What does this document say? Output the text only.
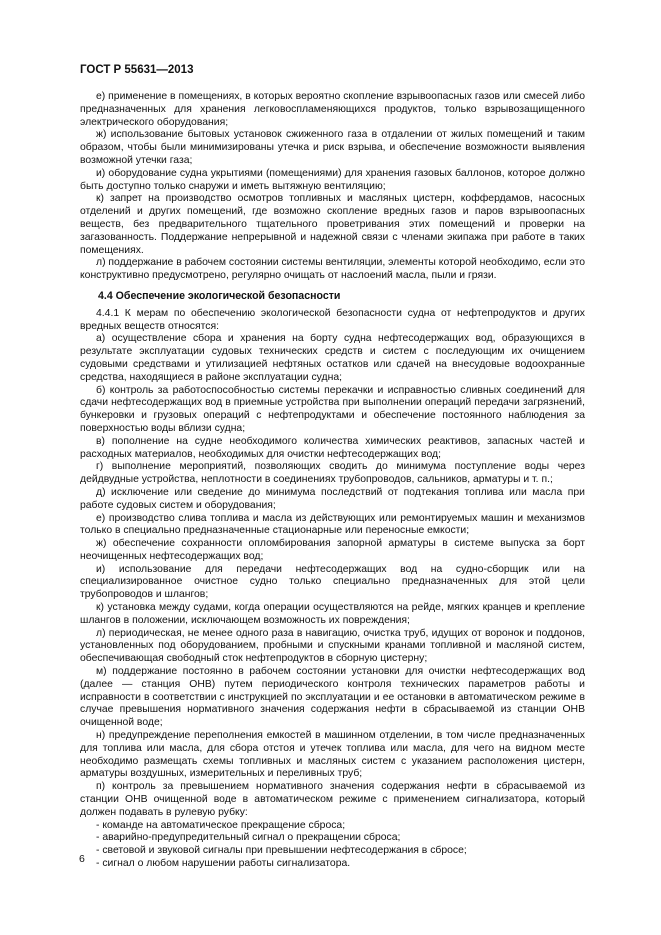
ГОСТ Р 55631—2013

е) применение в помещениях, в которых вероятно скопление взрывоопасных газов или смесей либо предназначенных для хранения легковоспламеняющихся продуктов, только взрывозащищенного электрического оборудования;

ж) использование бытовых установок сжиженного газа в отдалении от жилых помещений и таким образом, чтобы были минимизированы утечка и риск взрыва, и обеспечение возможности выявления возможной утечки газа;

и) оборудование судна укрытиями (помещениями) для хранения газовых баллонов, которое должно быть доступно только снаружи и иметь вытяжную вентиляцию;

к) запрет на производство осмотров топливных и масляных цистерн, коффердамов, насосных отделений и других помещений, где возможно скопление вредных газов и паров взрывоопасных веществ, без предварительного тщательного проветривания этих помещений и проверки на загазованность. Поддержание непрерывной и надежной связи с членами экипажа при работе в таких помещениях.

л) поддержание в рабочем состоянии системы вентиляции, элементы которой необходимо, если это конструктивно предусмотрено, регулярно очищать от наслоений масла, пыли и грязи.

4.4 Обеспечение экологической безопасности

4.4.1 К мерам по обеспечению экологической безопасности судна от нефтепродуктов и других вредных веществ относятся:

а) осуществление сбора и хранения на борту судна нефтесодержащих вод, образующихся в результате эксплуатации судовых технических средств и систем с последующим их очищением судовыми средствами и утилизацией нефтяных остатков или сдачей на внесудовые водоохранные средства, находящиеся в районе эксплуатации судна;

б) контроль за работоспособностью системы перекачки и исправностью сливных соединений для сдачи нефтесодержащих вод в приемные устройства при выполнении операций передачи загрязнений, бункеровки и грузовых операций с нефтепродуктами и обеспечение постоянного наблюдения за поверхностью воды вблизи судна;

в) пополнение на судне необходимого количества химических реактивов, запасных частей и расходных материалов, необходимых для очистки нефтесодержащих вод;

г) выполнение мероприятий, позволяющих сводить до минимума поступление воды через дейдвудные устройства, неплотности в соединениях трубопроводов, сальников, арматуры и т. п.;

д) исключение или сведение до минимума последствий от подтекания топлива или масла при работе судовых систем и оборудования;

е) производство слива топлива и масла из действующих или ремонтируемых машин и механизмов только в специально предназначенные стационарные или переносные емкости;

ж) обеспечение сохранности опломбирования запорной арматуры в системе выпуска за борт неочищенных нефтесодержащих вод;

и) использование для передачи нефтесодержащих вод на судно-сборщик или на специализированное очистное судно только специально предназначенных для этой цели трубопроводов и шлангов;

к) установка между судами, когда операции осуществляются на рейде, мягких кранцев и крепление шлангов в положении, исключающем возможность их повреждения;

л) периодическая, не менее одного раза в навигацию, очистка труб, идущих от воронок и поддонов, установленных под оборудованием, пробными и спускными кранами топливной и масляной систем, обеспечивающая свободный сток нефтепродуктов в сборную цистерну;

м) поддержание постоянно в рабочем состоянии установки для очистки нефтесодержащих вод (далее — станция ОНВ) путем периодического контроля технических параметров работы и исправности в соответствии с инструкцией по эксплуатации и ее остановки в автоматическом режиме в случае превышения нормативного значения содержания нефти в сбрасываемой из станции ОНВ очищенной воде;

н) предупреждение переполнения емкостей в машинном отделении, в том числе предназначенных для топлива или масла, для сбора отстоя и утечек топлива или масла, для чего на видном месте необходимо размещать схемы топливных и масляных систем с указанием расположения цистерн, арматуры воздушных, измерительных и переливных труб;

п) контроль за превышением нормативного значения содержания нефти в сбрасываемой из станции ОНВ очищенной воде в автоматическом режиме с применением сигнализатора, который должен подавать в рулевую рубку:

- команде на автоматическое прекращение сброса;

- аварийно-предупредительный сигнал о прекращении сброса;

- световой и звуковой сигналы при превышении нефтесодержания в сбросе;

- сигнал о любом нарушении работы сигнализатора.

6
